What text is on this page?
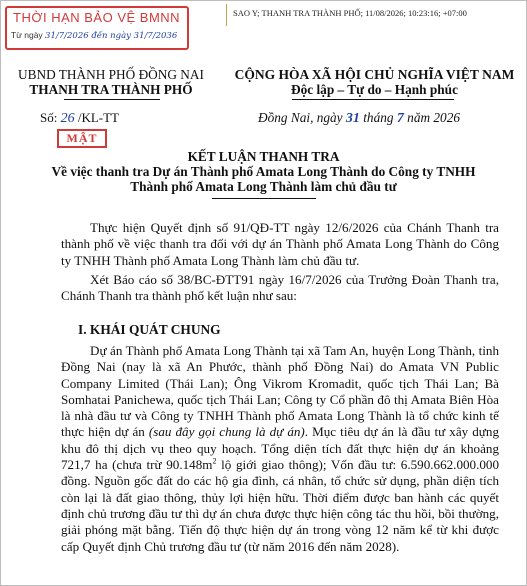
THỜI HẠN BẢO VỆ BMNN
Từ ngày 31/7/2026 đến ngày 31/7/2036
SAO Y; THANH TRA THÀNH PHỐ; 11/08/2026; 10:23:16; +07:00
UBND THÀNH PHỐ ĐỒNG NAI
THANH TRA THÀNH PHỐ
CỘNG HÒA XÃ HỘI CHỦ NGHĨA VIỆT NAM
Độc lập – Tự do – Hạnh phúc
Số: 26 /KL-TT	Đồng Nai, ngày 31 tháng 7 năm 2026
MẬT
KẾT LUẬN THANH TRA
Về việc thanh tra Dự án Thành phố Amata Long Thành do Công ty TNHH
Thành phố Amata Long Thành làm chủ đầu tư
Thực hiện Quyết định số 91/QĐ-TT ngày 12/6/2026 của Chánh Thanh tra thành phố về việc thanh tra đối với dự án Thành phố Amata Long Thành do Công ty TNHH Thành phố Amata Long Thành làm chủ đầu tư.
Xét Báo cáo số 38/BC-ĐTT91 ngày 16/7/2026 của Trưởng Đoàn Thanh tra, Chánh Thanh tra thành phố kết luận như sau:
I. KHÁI QUÁT CHUNG
Dự án Thành phố Amata Long Thành tại xã Tam An, huyện Long Thành, tỉnh Đồng Nai (nay là xã An Phước, thành phố Đồng Nai) do Amata VN Public Company Limited (Thái Lan); Ông Vikrom Kromadit, quốc tịch Thái Lan; Bà Somhatai Panichewa, quốc tịch Thái Lan; Công ty Cổ phần đô thị Amata Biên Hòa là nhà đầu tư và Công ty TNHH Thành phố Amata Long Thành là tổ chức kinh tế thực hiện dự án (sau đây gọi chung là dự án). Mục tiêu dự án là đầu tư xây dựng khu đô thị dịch vụ theo quy hoạch. Tổng diện tích đất thực hiện dự án khoảng 721,7 ha (chưa trừ $90.148m^2$ lộ giới giao thông); Vốn đầu tư: 6.590.662.000.000 đồng. Nguồn gốc đất do các hộ gia đình, cá nhân, tổ chức sử dụng, phần diện tích còn lại là đất giao thông, thủy lợi hiện hữu. Thời điểm được ban hành các quyết định chủ trương đầu tư thì dự án chưa được thực hiện công tác thu hồi, bồi thường, giải phóng mặt bằng. Tiến độ thực hiện dự án trong vòng 12 năm kể từ khi được cấp Quyết định Chủ trương đầu tư (từ năm 2016 đến năm 2028).
